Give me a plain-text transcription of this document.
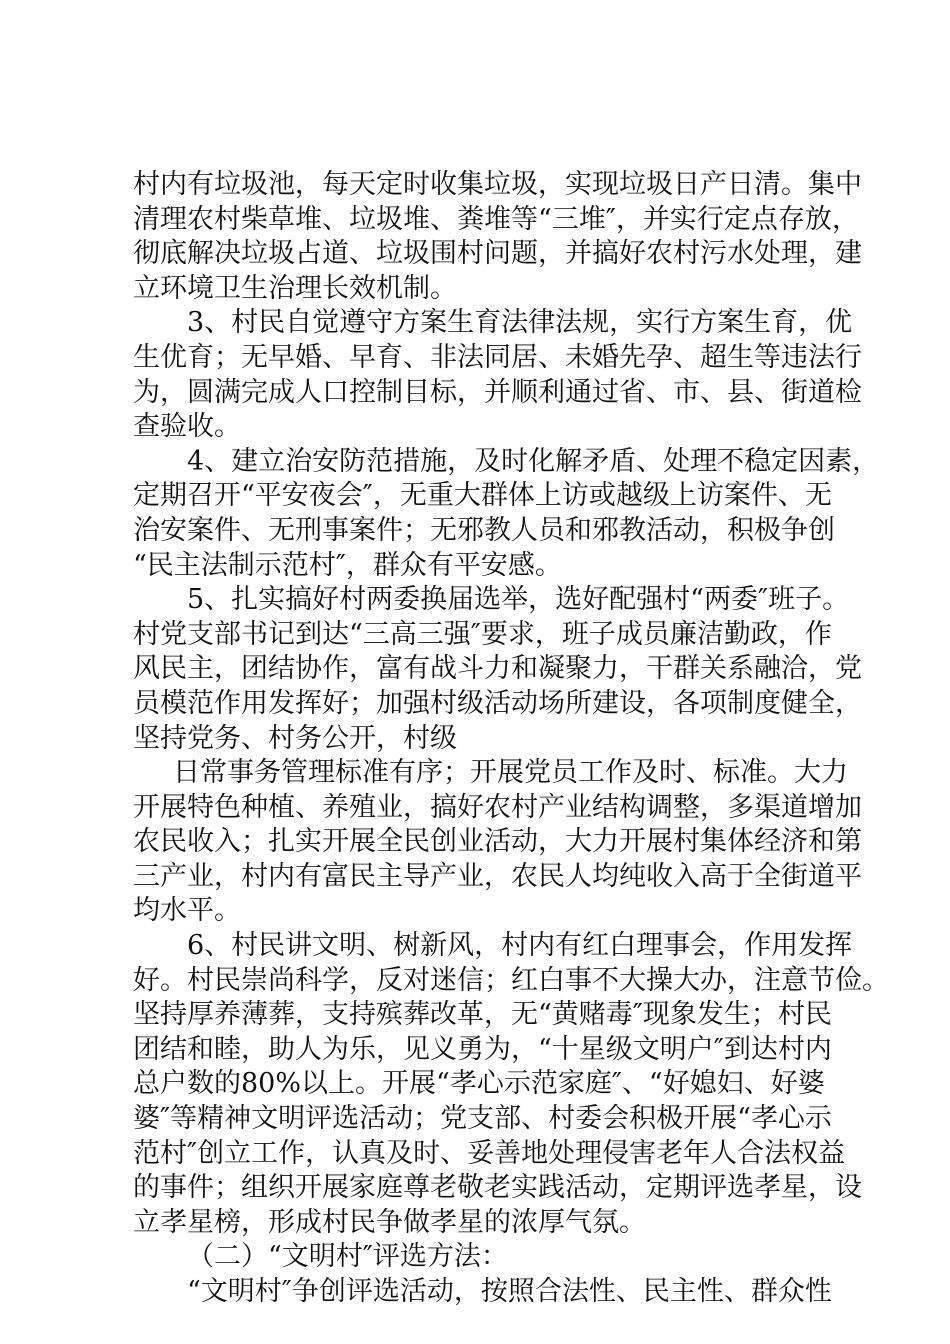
村内有垃圾池，每天定时收集垃圾，实现垃圾日产日清。集中
清理农村柴草堆、垃圾堆、粪堆等“三堆″，并实行定点存放，
彻底解决垃圾占道、垃圾围村问题，并搞好农村污水处理，建
立环境卫生治理长效机制。
3、村民自觉遵守方案生育法律法规，实行方案生育，优
生优育；无早婚、早育、非法同居、未婚先孕、超生等违法行
为，圆满完成人口控制目标，并顺利通过省、市、县、街道检
查验收。
4、建立治安防范措施，及时化解矛盾、处理不稳定因素，
定期召开“平安夜会″，无重大群体上访或越级上访案件、无
治安案件、无刑事案件；无邪教人员和邪教活动，积极争创
“民主法制示范村″，群众有平安感。
5、扎实搞好村两委换届选举，选好配强村“两委″班子。
村党支部书记到达“三高三强″要求，班子成员廉洁勤政，作
风民主，团结协作，富有战斗力和凝聚力，干群关系融洽，党
员模范作用发挥好；加强村级活动场所建设，各项制度健全，
坚持党务、村务公开，村级
日常事务管理标准有序；开展党员工作及时、标准。大力
开展特色种植、养殖业，搞好农村产业结构调整，多渠道增加
农民收入；扎实开展全民创业活动，大力开展村集体经济和第
三产业，村内有富民主导产业，农民人均纯收入高于全街道平
均水平。
6、村民讲文明、树新风，村内有红白理事会，作用发挥
好。村民崇尚科学，反对迷信；红白事不大操大办，注意节俭。
坚持厚养薄葬，支持殡葬改革，无“黄赌毒″现象发生；村民
团结和睦，助人为乐，见义勇为，“十星级文明户″到达村内
总户数的80%以上。开展“孝心示范家庭″、“好媳妇、好婆
婆″等精神文明评选活动；党支部、村委会积极开展“孝心示
范村″创立工作，认真及时、妥善地处理侵害老年人合法权益
的事件；组织开展家庭尊老敬老实践活动，定期评选孝星，设
立孝星榜，形成村民争做孝星的浓厚气氛。
（二）“文明村″评选方法：
“文明村″争创评选活动，按照合法性、民主性、群众性
